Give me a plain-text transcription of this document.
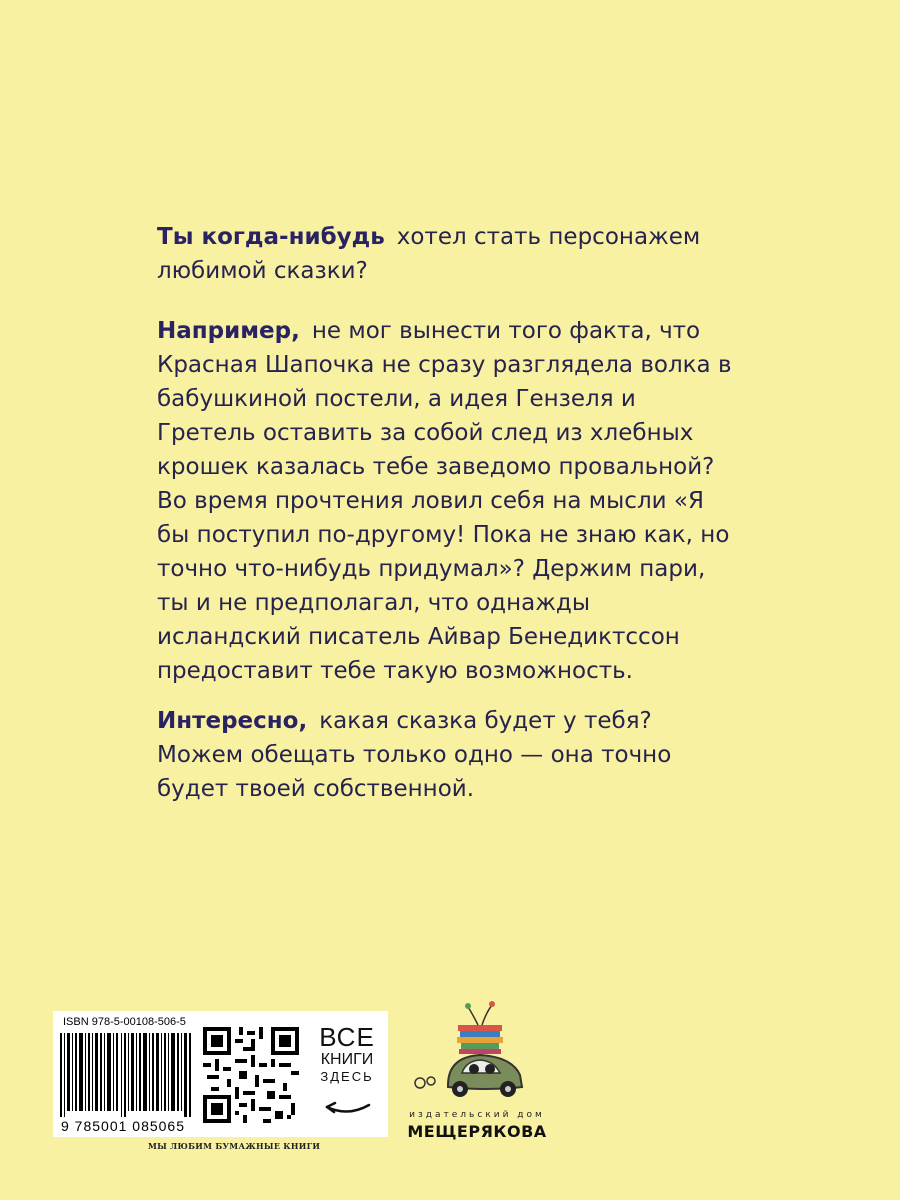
Ты когда-нибудь хотел стать персонажем любимой сказки?
Например, не мог вынести того факта, что Красная Шапочка не сразу разглядела волка в бабушкиной постели, а идея Гензеля и Гретель оставить за собой след из хлебных крошек казалась тебе заведомо провальной? Во время прочтения ловил себя на мысли «Я бы поступил по-другому! Пока не знаю как, но точно что-нибудь придумал»? Держим пари, ты и не предполагал, что однажды исландский писатель Айвар Бенедиктссон предоставит тебе такую возможность.
Интересно, какая сказка будет у тебя? Можем обещать только одно — она точно будет твоей собственной.
ISBN 978-5-00108-506-5
9 785001 085065
ВСЕ
КНИГИ
ЗДЕСЬ
МЫ ЛЮБИМ БУМАЖНЫЕ КНИГИ
издательский дом
МЕЩЕРЯКОВА
